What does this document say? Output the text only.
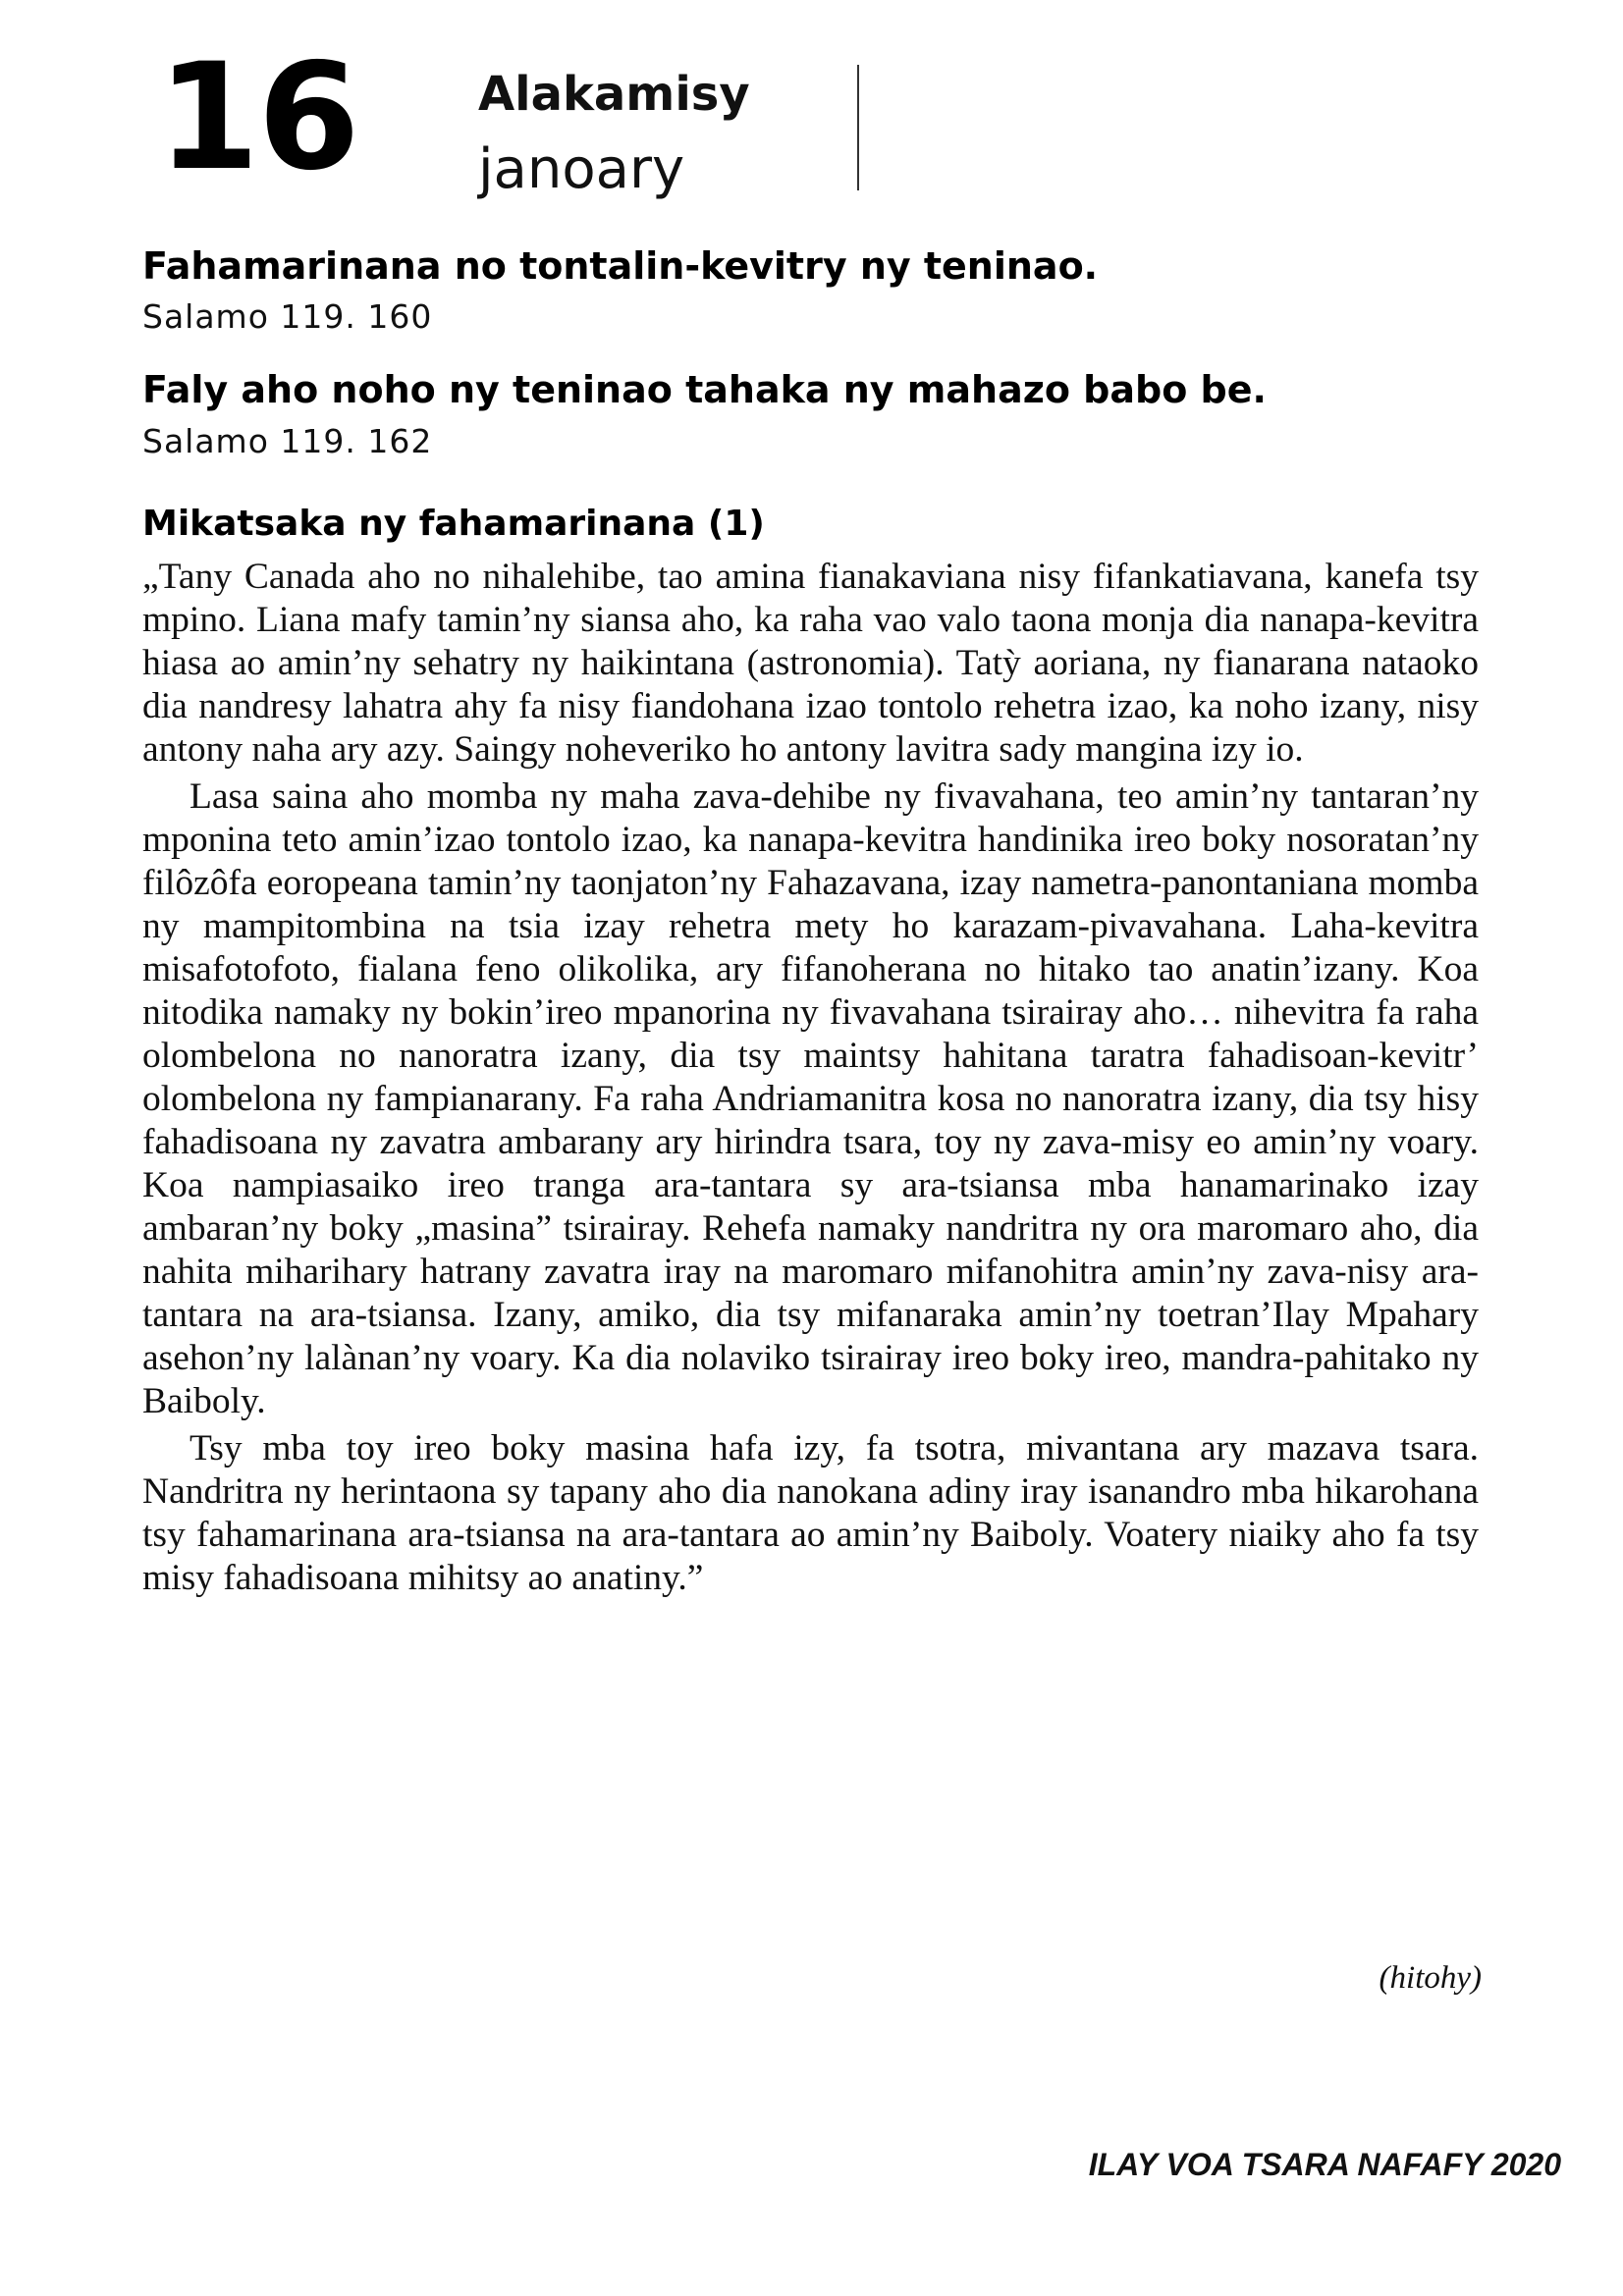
16	Alakamisy
janoary
Fahamarinana no tontalin-kevitry ny teninao.
Salamo 119. 160
Faly aho noho ny teninao tahaka ny mahazo babo be.
Salamo 119. 162
Mikatsaka ny fahamarinana (1)

„Tany Canada aho no nihalehibe, tao amina fianakaviana nisy fifankatiavana, kanefa tsy mpino. Liana mafy tamin’ny siansa aho, ka raha vao valo taona monja dia nanapa-kevitra hiasa ao amin’ny sehatry ny haikintana (astronomia). Tatỳ aoriana, ny fianarana nataoko dia nandresy lahatra ahy fa nisy fiandohana izao tontolo rehetra izao, ka noho izany, nisy antony naha ary azy. Saingy noheveriko ho antony lavitra sady mangina izy io.

Lasa saina aho momba ny maha zava-dehibe ny fivavahana, teo amin’ny tantaran’ny mponina teto amin’izao tontolo izao, ka nanapa-kevitra handinika ireo boky nosoratan’ny filôzôfa eoropeana tamin’ny taonjaton’ny Fahazavana, izay nametra-panontaniana momba ny mampitombina na tsia izay rehetra mety ho karazam-pivavahana. Laha-kevitra misafotofoto, fialana feno olikolika, ary fifanoherana no hitako tao anatin’izany. Koa nitodika namaky ny bokin’ireo mpanorina ny fivavahana tsirairay aho… nihevitra fa raha olombelona no nanoratra izany, dia tsy maintsy hahitana taratra fahadisoan-kevitr’ olombelona ny fampianarany. Fa raha Andriamanitra kosa no nanoratra izany, dia tsy hisy fahadisoana ny zavatra ambarany ary hirindra tsara, toy ny zava-misy eo amin’ny voary. Koa nampiasaiko ireo tranga ara-tantara sy ara-tsiansa mba hanamarinako izay ambaran’ny boky „masina” tsirairay. Rehefa namaky nandritra ny ora maromaro aho, dia nahita miharihary hatrany zavatra iray na maromaro mifanohitra amin’ny zava-nisy ara-tantara na ara-tsiansa. Izany, amiko, dia tsy mifanaraka amin’ny toetran’Ilay Mpahary asehon’ny lalànan’ny voary. Ka dia nolaviko tsirairay ireo boky ireo, mandra-pahitako ny Baiboly.

Tsy mba toy ireo boky masina hafa izy, fa tsotra, mivantana ary mazava tsara. Nandritra ny herintaona sy tapany aho dia nanokana adiny iray isanandro mba hikarohana tsy fahamarinana ara-tsiansa na ara-tantara ao amin’ny Baiboly. Voatery niaiky aho fa tsy misy fahadisoana mihitsy ao anatiny.”

(hitohy)
ILAY VOA TSARA NAFAFY 2020
